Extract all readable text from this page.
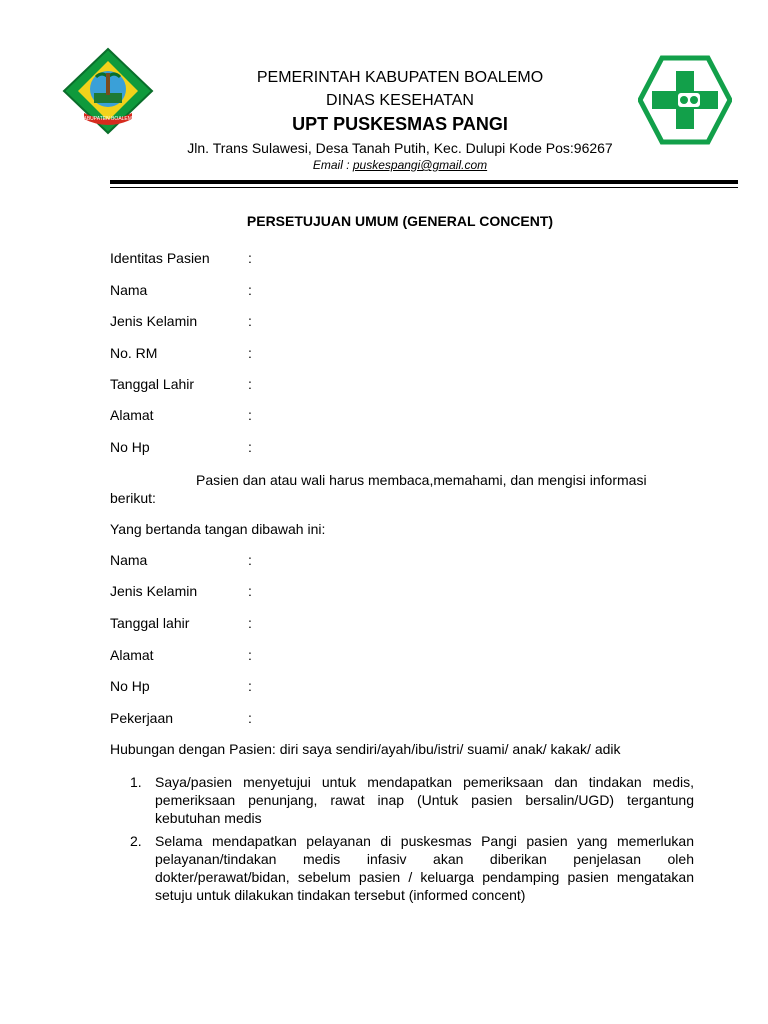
KABUPATEN BOALEMO
PEMERINTAH KABUPATEN BOALEMO
DINAS KESEHATAN
UPT PUSKESMAS PANGI
Jln. Trans Sulawesi, Desa Tanah Putih, Kec. Dulupi Kode Pos:96267
Email : puskespangi@gmail.com
PERSETUJUAN UMUM (GENERAL CONCENT)
Identitas Pasien	:
Nama	:
Jenis Kelamin	:
No. RM	:
Tanggal Lahir	:
Alamat	:
No Hp	:
Pasien dan atau wali harus membaca,memahami, dan mengisi informasi berikut:
Yang bertanda tangan dibawah ini:
Nama	:
Jenis Kelamin	:
Tanggal lahir	:
Alamat	:
No Hp	:
Pekerjaan	:
Hubungan dengan Pasien: diri saya sendiri/ayah/ibu/istri/ suami/ anak/ kakak/ adik
1. Saya/pasien menyetujui untuk mendapatkan pemeriksaan dan tindakan medis, pemeriksaan penunjang, rawat inap (Untuk pasien bersalin/UGD) tergantung kebutuhan medis
2. Selama mendapatkan pelayanan di puskesmas Pangi pasien yang memerlukan pelayanan/tindakan medis infasiv akan diberikan penjelasan oleh dokter/perawat/bidan, sebelum pasien / keluarga pendamping pasien mengatakan setuju untuk dilakukan tindakan tersebut (informed concent)
